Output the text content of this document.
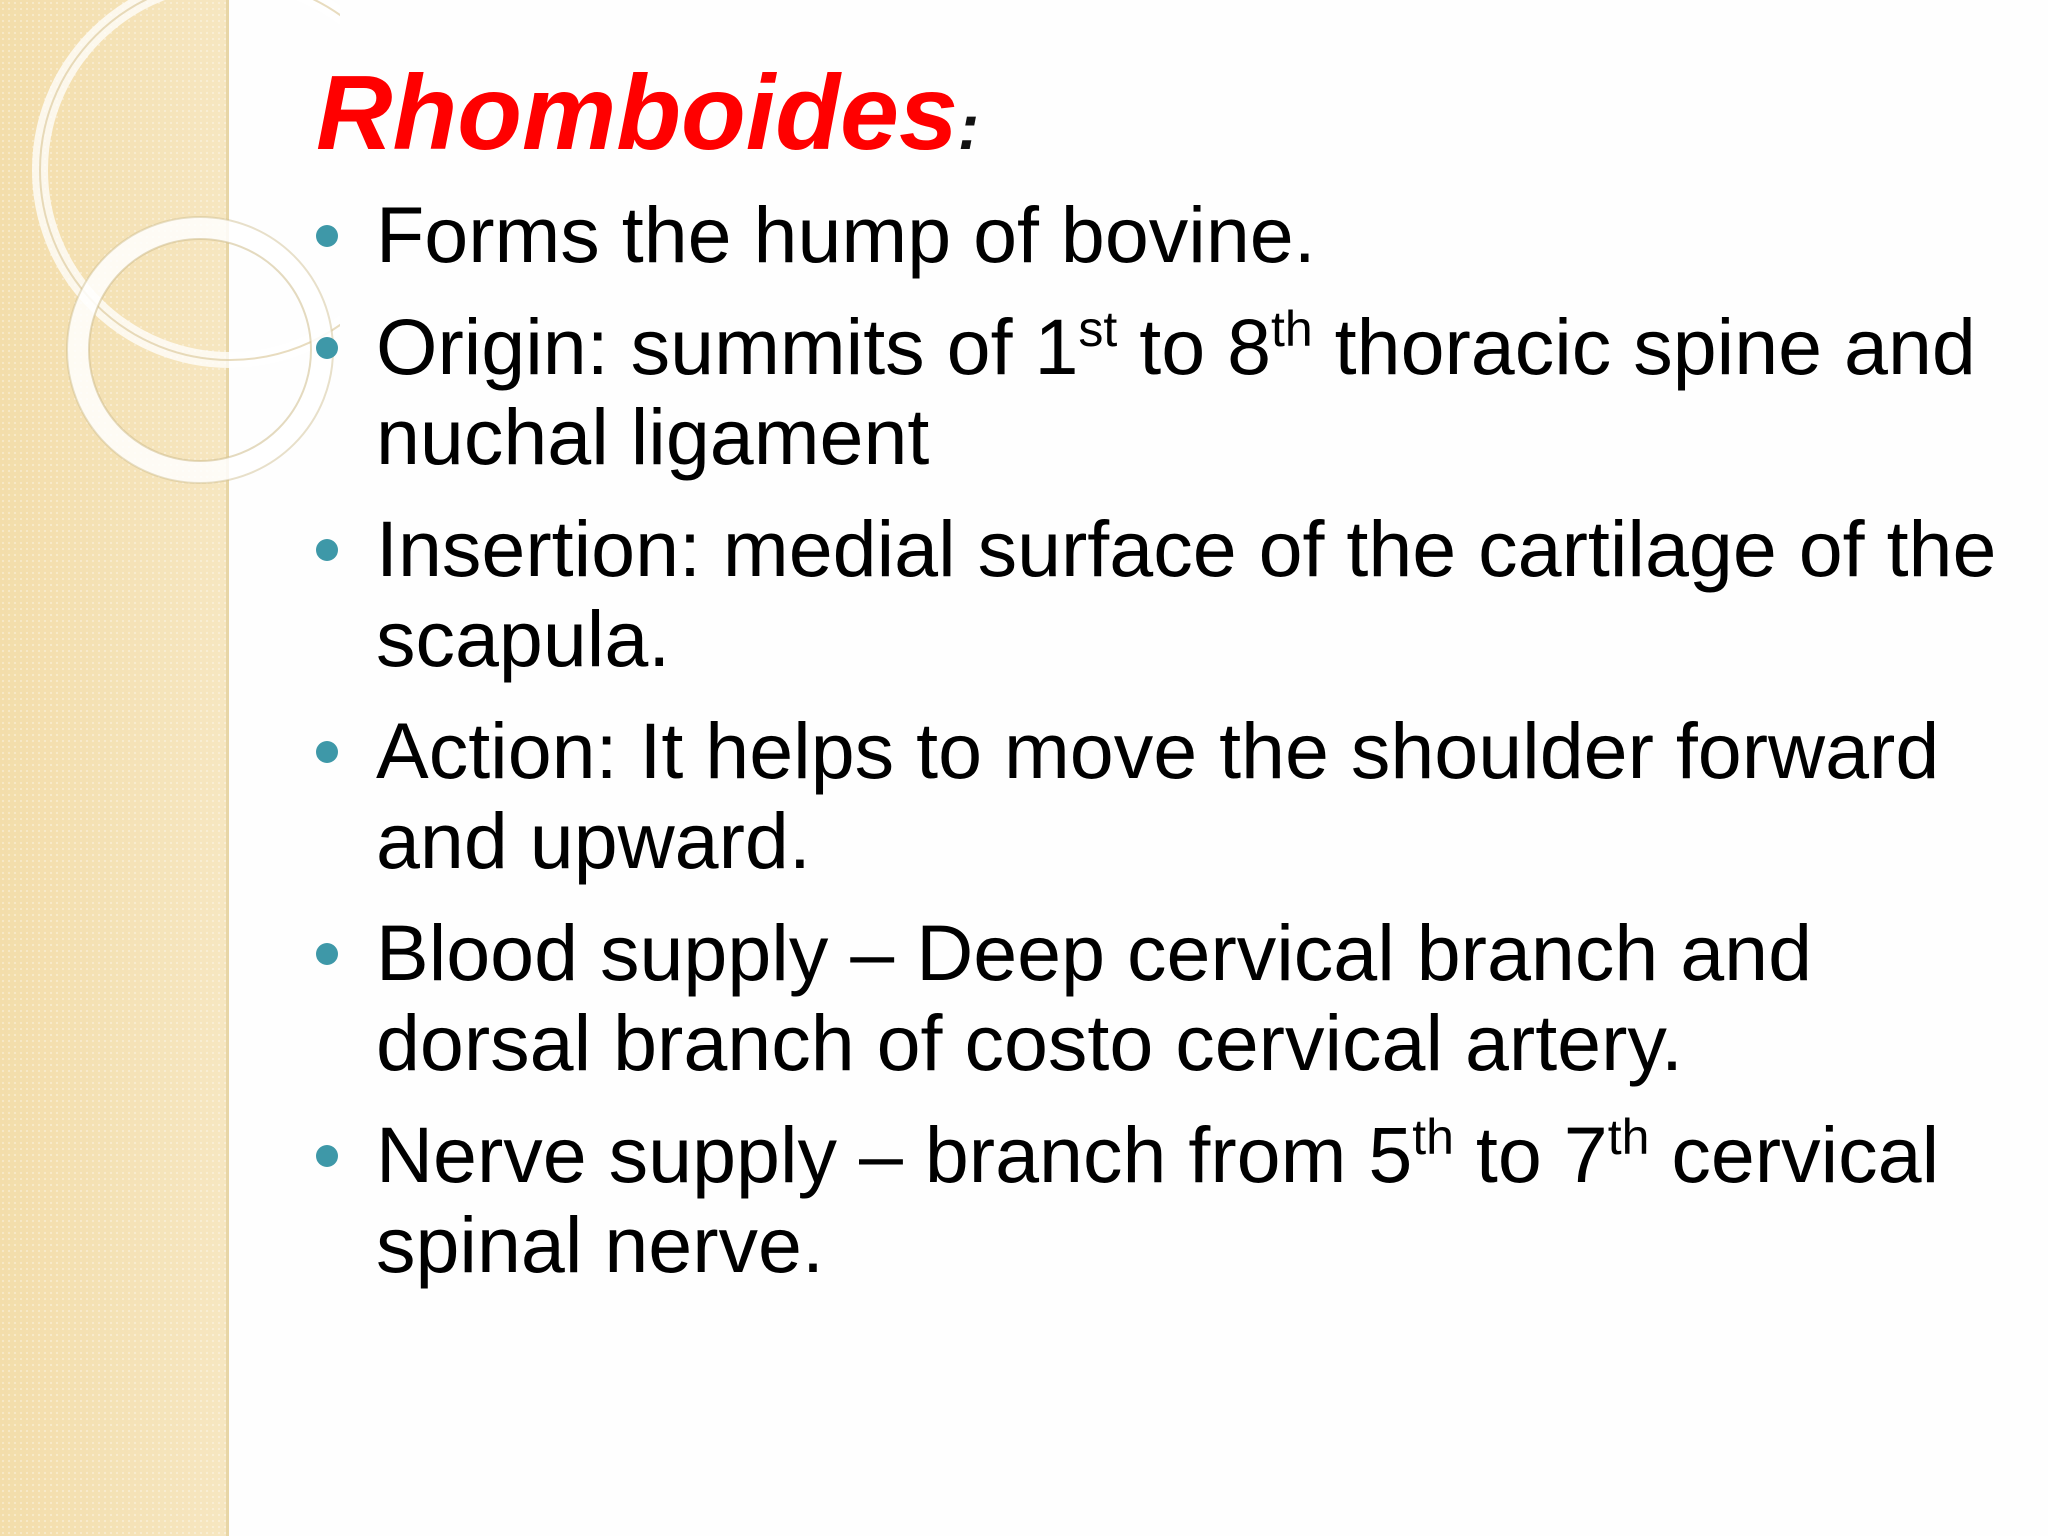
Rhomboides:
Forms the hump of bovine.
Origin: summits of 1st to 8th thoracic spine and nuchal ligament
Insertion: medial surface of the cartilage of the scapula.
Action: It helps to move the shoulder forward and upward.
Blood supply – Deep cervical branch and dorsal branch of costo cervical artery.
Nerve supply – branch from 5th to 7th cervical spinal nerve.
